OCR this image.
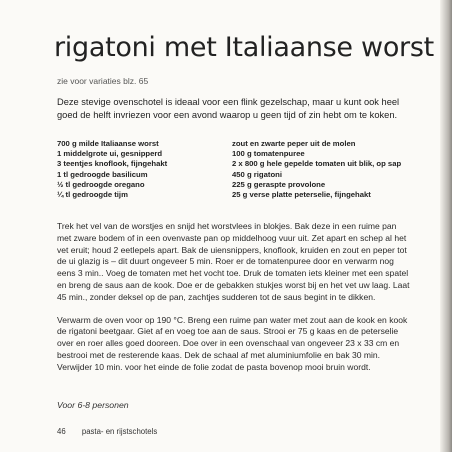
rigatoni met Italiaanse worst
zie voor variaties blz. 65

Deze stevige ovenschotel is ideaal voor een flink gezelschap, maar u kunt ook heel goed de helft invriezen voor een avond waarop u geen tijd of zin hebt om te koken.

700 g milde Italiaanse worst
1 middelgrote ui, gesnipperd
3 teentjes knoflook, fijngehakt
1 tl gedroogde basilicum
½ tl gedroogde oregano
¼ tl gedroogde tijm
zout en zwarte peper uit de molen
100 g tomatenpuree
2 x 800 g hele gepelde tomaten uit blik, op sap
450 g rigatoni
225 g geraspte provolone
25 g verse platte peterselie, fijngehakt

Trek het vel van de worstjes en snijd het worstvlees in blokjes. Bak deze in een ruime pan met zware bodem of in een ovenvaste pan op middelhoog vuur uit. Zet apart en schep al het vet eruit; houd 2 eetlepels apart. Bak de uiensnippers, knoflook, kruiden en zout en peper tot de ui glazig is – dit duurt ongeveer 5 min. Roer er de tomatenpuree door en verwarm nog eens 3 min.. Voeg de tomaten met het vocht toe. Druk de tomaten iets kleiner met een spatel en breng de saus aan de kook. Doe er de gebakken stukjes worst bij en het vet uw laag. Laat 45 min., zonder deksel op de pan, zachtjes sudderen tot de saus begint in te dikken.

Verwarm de oven voor op 190 °C. Breng een ruime pan water met zout aan de kook en kook de rigatoni beetgaar. Giet af en voeg toe aan de saus. Strooi er 75 g kaas en de peterselie over en roer alles goed dooreen. Doe over in een ovenschaal van ongeveer 23 x 33 cm en bestrooi met de resterende kaas. Dek de schaal af met aluminiumfolie en bak 30 min. Verwijder 10 min. voor het einde de folie zodat de pasta bovenop mooi bruin wordt.

Voor 6-8 personen
46 pasta- en rijstschotels
